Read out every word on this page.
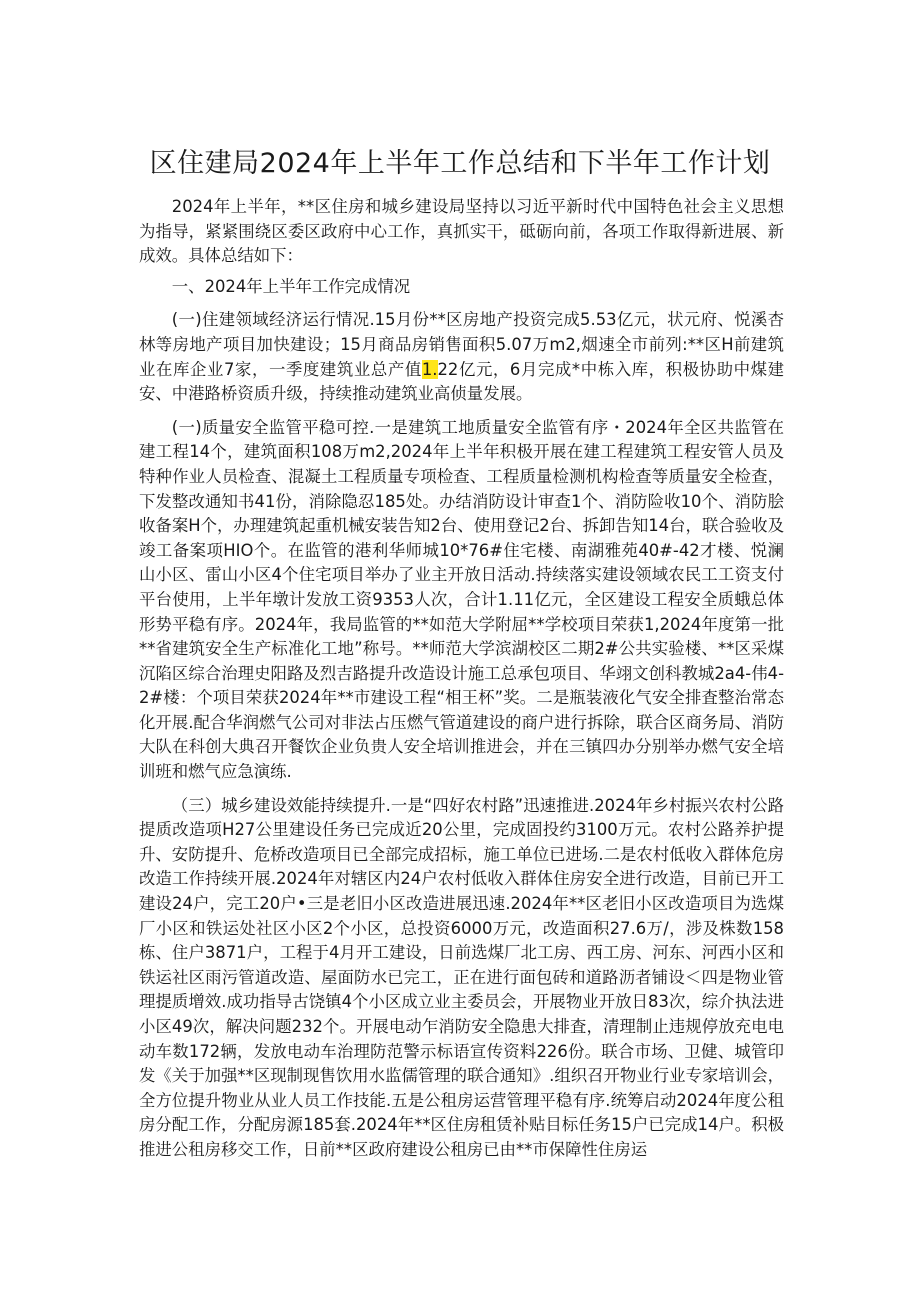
区住建局2024年上半年工作总结和下半年工作计划

2024年上半年，**区住房和城乡建设局坚持以习近平新时代中国特色社会主义思想为指导，紧紧围绕区委区政府中心工作，真抓实干，砥砺向前，各项工作取得新进展、新成效。具体总结如下：

一、2024年上半年工作完成情况

(一)住建领域经济运行情况.15月份**区房地产投资完成5.53亿元，状元府、悦溪杏林等房地产项目加快建设；15月商品房销售面积5.07万m2,烟速全市前列:**区H前建筑业在库企业7家，一季度建筑业总产值1.22亿元，6月完成*中栋入库，积极协助中煤建安、中港路桥资质升级，持续推动建筑业高侦量发展。

(一)质量安全监管平稳可控.一是建筑工地质量安全监管有序・2024年全区共监管在建工程14个，建筑面积108万m2,2024年上半年积极开展在建工程建筑工程安管人员及特种作业人员检查、混凝土工程质量专项检查、工程质量检测机构检查等质量安全检查，下发整改通知书41份，消除隐忍185处。办结消防设计审查1个、消防险收10个、消防脍收备案H个，办理建筑起重机械安装告知2台、使用登记2台、拆卸告知14台，联合验收及竣工备案项HIO个。在监管的港利华师城10*76#住宅楼、南湖雅苑40#-42才楼、悦澜山小区、雷山小区4个住宅项目举办了业主开放日活动.持续落实建设领域农民工工资支付平台使用，上半年墩计发放工资9353人次，合计1.11亿元，全区建设工程安全质蛾总体形势平稳有序。2024年，我局监管的**如范大学附屈**学校项目荣获1,2024年度第一批**省建筑安全生产标准化工地”称号。**师范大学滨湖校区二期2#公共实验楼、**区采煤沉陷区综合治理史阳路及烈吉路提升改造设计施工总承包项目、华翊文创科教城2a4-伟4-2#楼：个项目荣获2024年**市建设工程“相王杯”奖。二是瓶装液化气安全排査整治常态化开展.配合华润燃气公司对非法占压燃气管道建设的商户进行拆除，联合区商务局、消防大队在科创大典召开餐饮企业负贵人安全培训推进会，并在三镇四办分别举办燃气安全培训班和燃气应急演练.

（三）城乡建设效能持续提升.一是“四好农村路”迅速推进.2024年乡村振兴农村公路提质改造项H27公里建设任务已完成近20公里，完成固投约3100万元。农村公路养护提升、安防提升、危桥改造项目已全部完成招标，施工单位已进场.二是农村低收入群体危房改造工作持续开展.2024年对辖区内24户农村低收入群体住房安全进行改造，目前已开工建设24户，完工20户•三是老旧小区改造进展迅速.2024年**区老旧小区改造项目为选煤厂小区和铁运处社区小区2个小区，总投资6000万元，改造面积27.6万/，涉及株数158栋、住户3871户，工程于4月开工建设，日前选煤厂北工房、西工房、河东、河西小区和铁运社区雨污管道改造、屋面防水已完工，正在进行面包砖和道路沥者铺设＜四是物业管理提质增效.成功指导古饶镇4个小区成立业主委员会，开展物业开放日83次，综介执法进小区49次，解决问题232个。开展电动乍消防安全隐患大排査，清理制止违规停放充电电动车数172辆，发放电动车治理防范警示标语宣传资料226份。联合市场、卫健、城管印发《关于加强**区现制现售饮用水监儒管理的联合通知》.组织召开物业行业专家培训会，全方位提升物业从业人员工作技能.五是公租房运营管理平稳有序.统筹启动2024年度公租房分配工作，分配房源185套.2024年**区住房租赁补贴目标任务15户已完成14户。积极推进公租房移交工作，日前**区政府建设公租房已由**市保障性住房运
